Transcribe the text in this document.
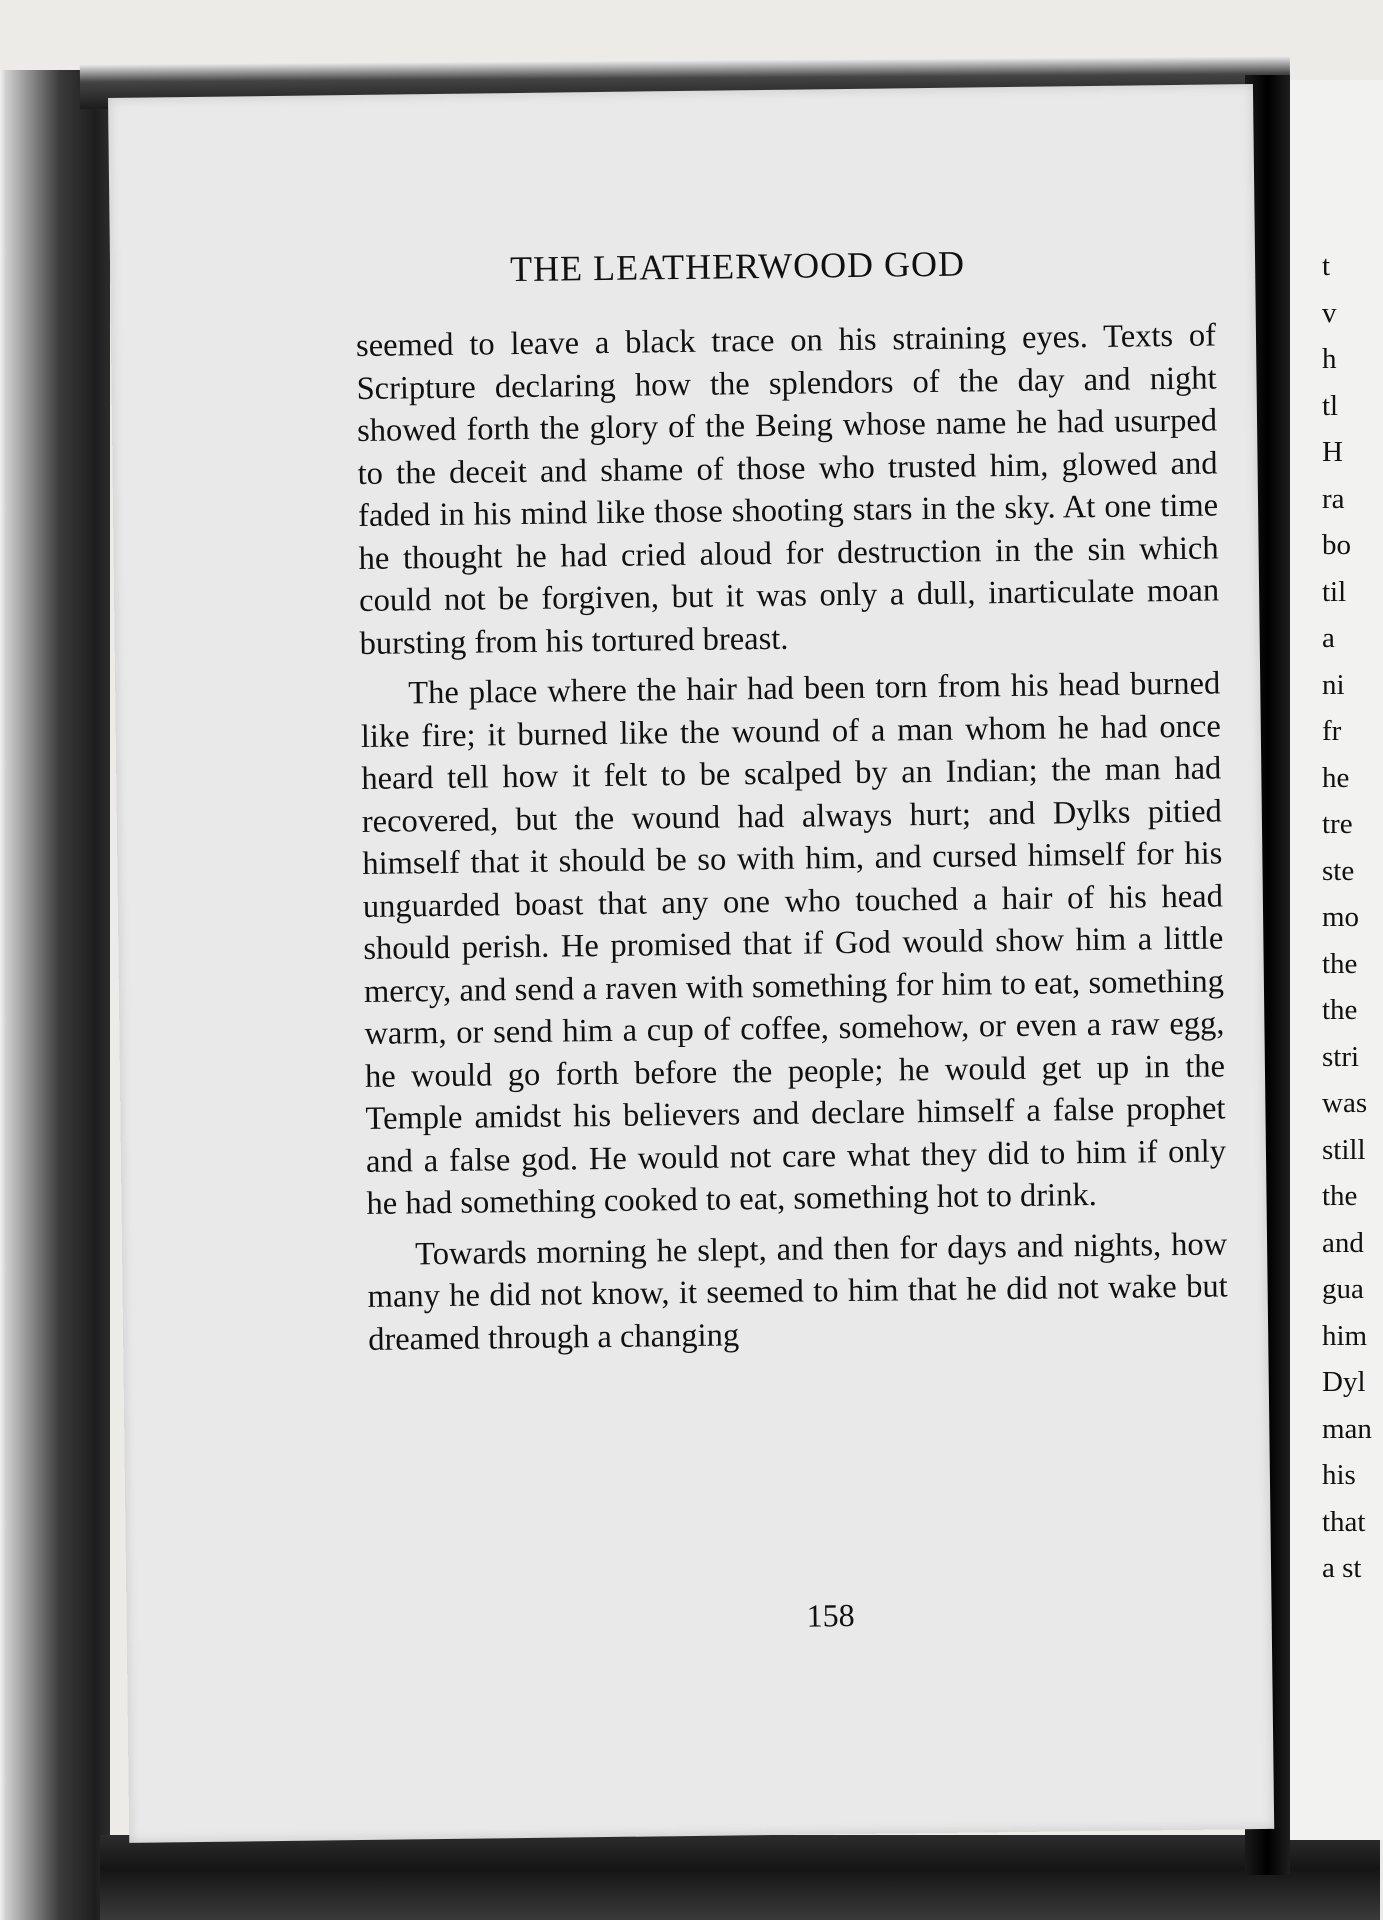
THE LEATHERWOOD GOD

seemed to leave a black trace on his straining eyes. Texts of Scripture declaring how the splendors of the day and night showed forth the glory of the Being whose name he had usurped to the deceit and shame of those who trusted him, glowed and faded in his mind like those shooting stars in the sky. At one time he thought he had cried aloud for destruction in the sin which could not be forgiven, but it was only a dull, inarticulate moan bursting from his tortured breast.

The place where the hair had been torn from his head burned like fire; it burned like the wound of a man whom he had once heard tell how it felt to be scalped by an Indian; the man had recovered, but the wound had always hurt; and Dylks pitied himself that it should be so with him, and cursed himself for his unguarded boast that any one who touched a hair of his head should perish. He promised that if God would show him a little mercy, and send a raven with something for him to eat, something warm, or send him a cup of coffee, somehow, or even a raw egg, he would go forth before the people; he would get up in the Temple amidst his believers and declare himself a false prophet and a false god. He would not care what they did to him if only he had something cooked to eat, something hot to drink.

Towards morning he slept, and then for days and nights, how many he did not know, it seemed to him that he did not wake but dreamed through a changing

158
t
v
h
tl
H
ra
bo
til
a
ni
fr
he
tre
ste
mo
the
the
stri
was
still
the
and
gua
him
Dyl
man
his
that
a st
